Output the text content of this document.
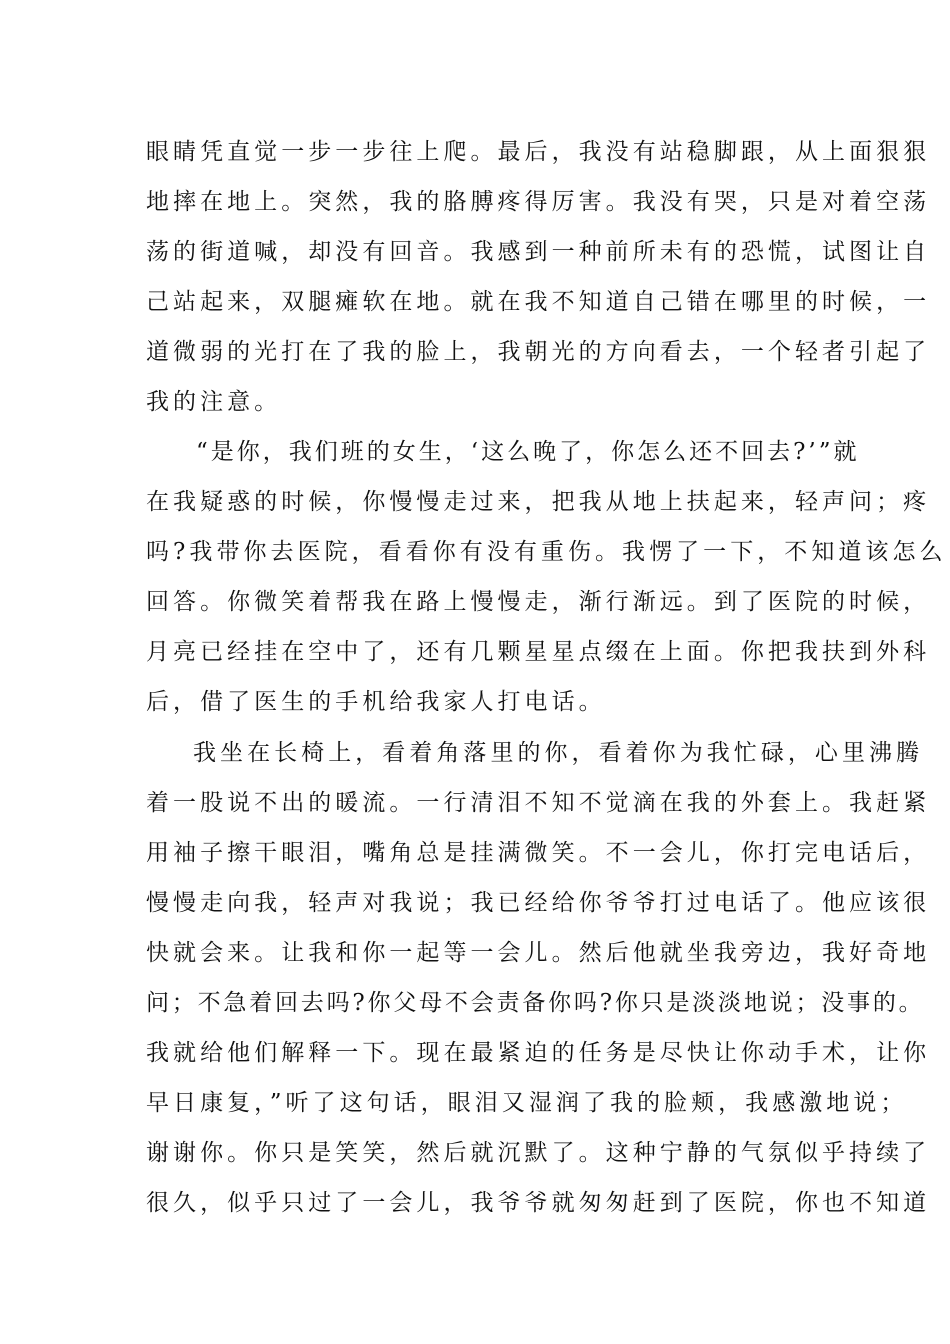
眼睛凭直觉一步一步往上爬。最后，我没有站稳脚跟，从上面狠狠

地摔在地上。突然，我的胳膊疼得厉害。我没有哭，只是对着空荡

荡的街道喊，却没有回音。我感到一种前所未有的恐慌，试图让自

己站起来，双腿瘫软在地。就在我不知道自己错在哪里的时候，一

道微弱的光打在了我的脸上，我朝光的方向看去，一个轻者引起了

我的注意。

“是你，我们班的女生，‘这么晚了，你怎么还不回去?’”就

在我疑惑的时候，你慢慢走过来，把我从地上扶起来，轻声问；疼

吗?我带你去医院，看看你有没有重伤。我愣了一下，不知道该怎么

回答。你微笑着帮我在路上慢慢走，渐行渐远。到了医院的时候，

月亮已经挂在空中了，还有几颗星星点缀在上面。你把我扶到外科

后，借了医生的手机给我家人打电话。

我坐在长椅上，看着角落里的你，看着你为我忙碌，心里沸腾

着一股说不出的暖流。一行清泪不知不觉滴在我的外套上。我赶紧

用袖子擦干眼泪，嘴角总是挂满微笑。不一会儿，你打完电话后，

慢慢走向我，轻声对我说；我已经给你爷爷打过电话了。他应该很

快就会来。让我和你一起等一会儿。然后他就坐我旁边，我好奇地

问；不急着回去吗?你父母不会责备你吗?你只是淡淡地说；没事的。

我就给他们解释一下。现在最紧迫的任务是尽快让你动手术，让你

早日康复，”听了这句话，眼泪又湿润了我的脸颊，我感激地说；

谢谢你。你只是笑笑，然后就沉默了。这种宁静的气氛似乎持续了

很久，似乎只过了一会儿，我爷爷就匆匆赶到了医院，你也不知道
